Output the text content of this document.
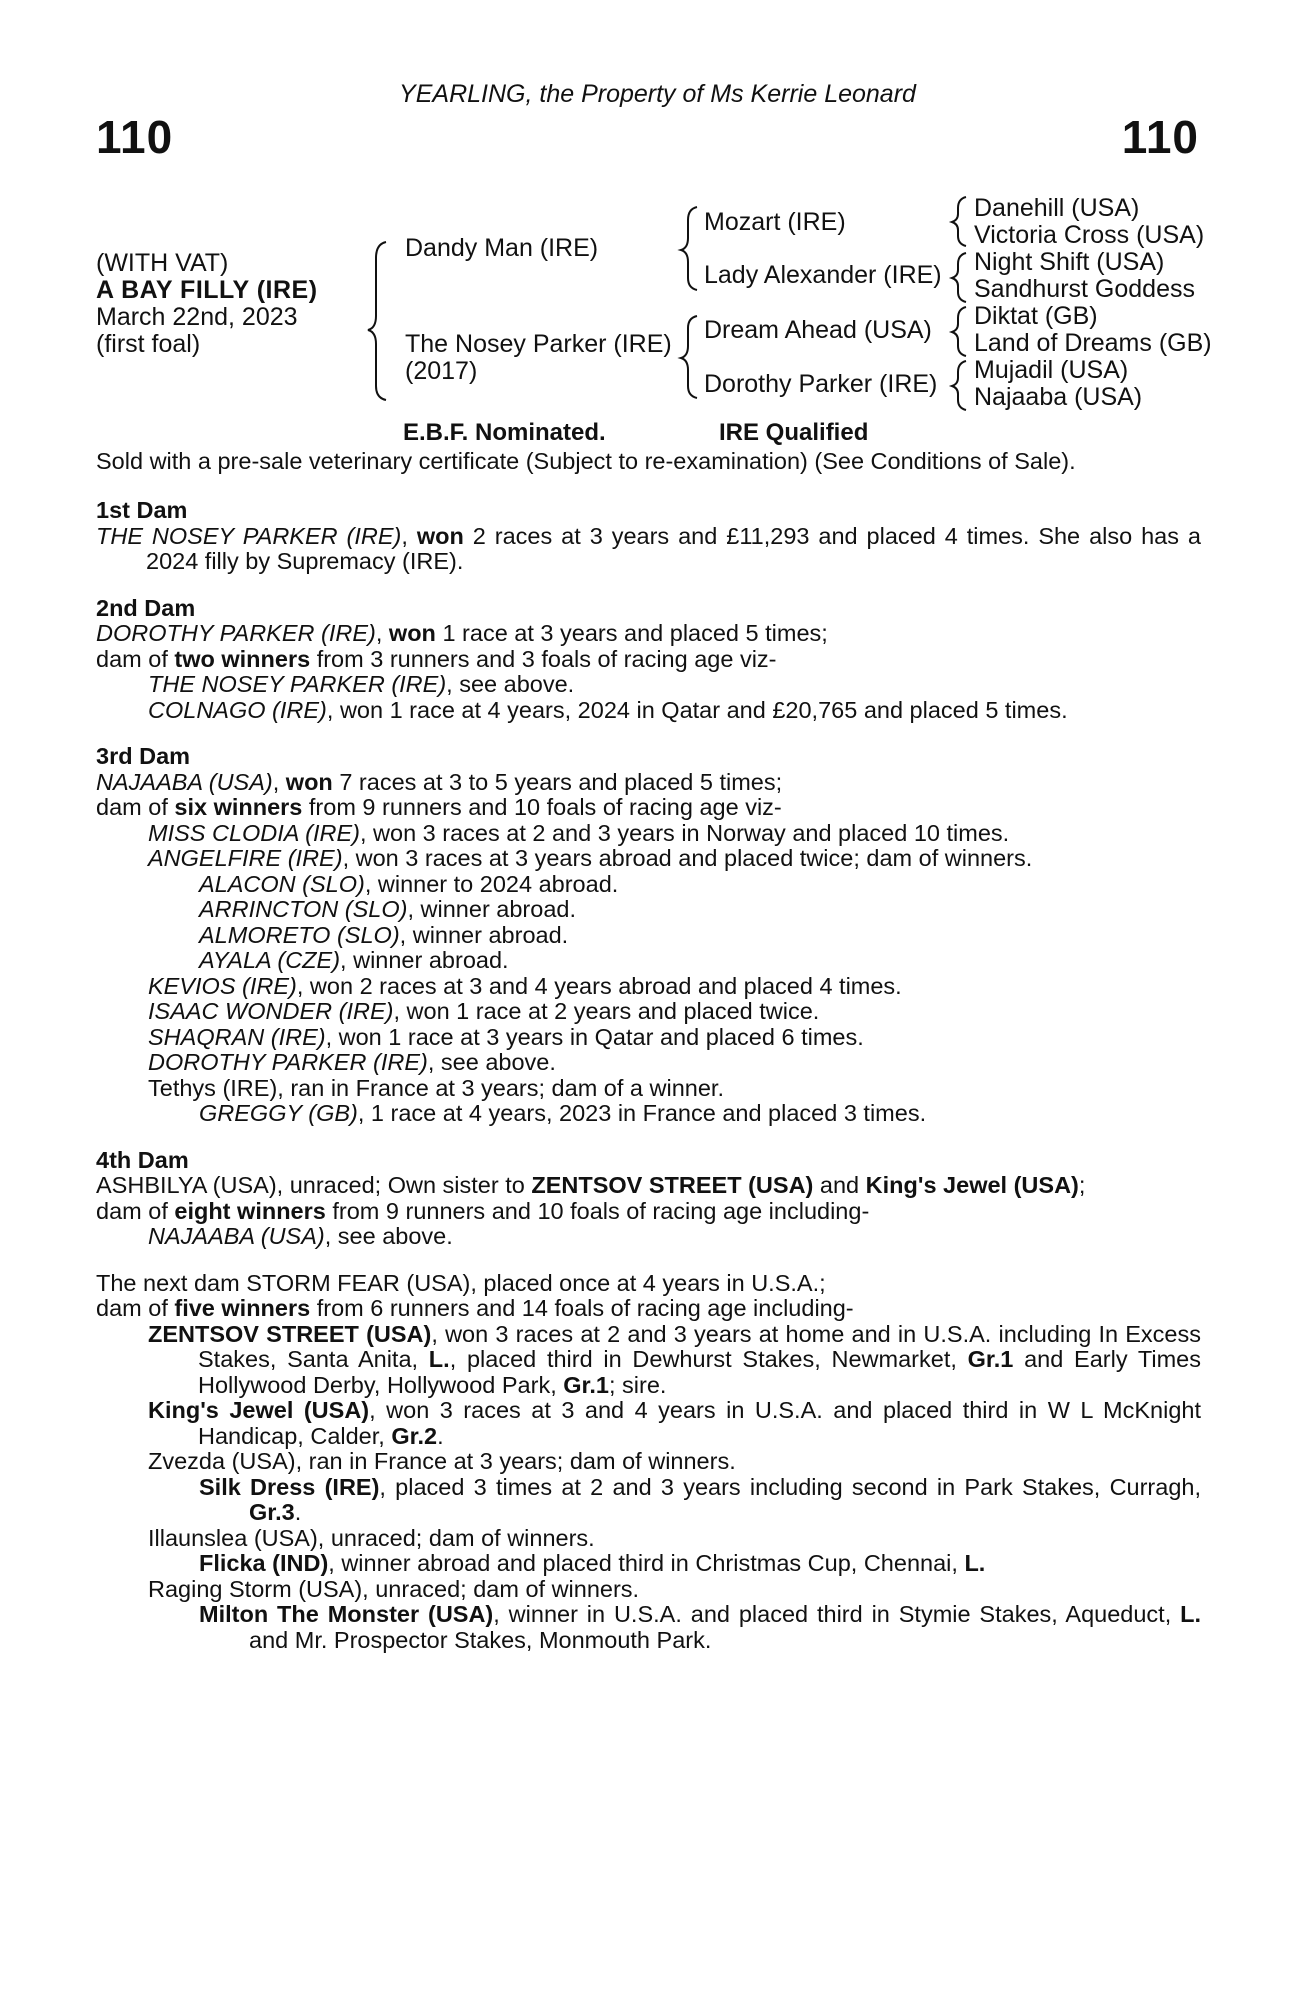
110
YEARLING, the Property of Ms Kerrie Leonard
110
(WITH VAT)
A BAY FILLY (IRE)
March 22nd, 2023
(first foal)
Dandy Man (IRE)
The Nosey Parker (IRE)
(2017)
Mozart (IRE)
Lady Alexander (IRE)
Dream Ahead (USA)
Dorothy Parker (IRE)
Danehill (USA)
Victoria Cross (USA)
Night Shift (USA)
Sandhurst Goddess
Diktat (GB)
Land of Dreams (GB)
Mujadil (USA)
Najaaba (USA)
E.B.F. Nominated.	IRE Qualified
Sold with a pre-sale veterinary certificate (Subject to re-examination) (See Conditions of Sale).
1st Dam
THE NOSEY PARKER (IRE), won 2 races at 3 years and £11,293 and placed 4 times. She also has a 2024 filly by Supremacy (IRE).
2nd Dam
DOROTHY PARKER (IRE), won 1 race at 3 years and placed 5 times;
dam of two winners from 3 runners and 3 foals of racing age viz-
THE NOSEY PARKER (IRE), see above.
COLNAGO (IRE), won 1 race at 4 years, 2024 in Qatar and £20,765 and placed 5 times.
3rd Dam
NAJAABA (USA), won 7 races at 3 to 5 years and placed 5 times;
dam of six winners from 9 runners and 10 foals of racing age viz-
MISS CLODIA (IRE), won 3 races at 2 and 3 years in Norway and placed 10 times.
ANGELFIRE (IRE), won 3 races at 3 years abroad and placed twice; dam of winners.
ALACON (SLO), winner to 2024 abroad.
ARRINCTON (SLO), winner abroad.
ALMORETO (SLO), winner abroad.
AYALA (CZE), winner abroad.
KEVIOS (IRE), won 2 races at 3 and 4 years abroad and placed 4 times.
ISAAC WONDER (IRE), won 1 race at 2 years and placed twice.
SHAQRAN (IRE), won 1 race at 3 years in Qatar and placed 6 times.
DOROTHY PARKER (IRE), see above.
Tethys (IRE), ran in France at 3 years; dam of a winner.
GREGGY (GB), 1 race at 4 years, 2023 in France and placed 3 times.
4th Dam
ASHBILYA (USA), unraced; Own sister to ZENTSOV STREET (USA) and King's Jewel (USA);
dam of eight winners from 9 runners and 10 foals of racing age including-
NAJAABA (USA), see above.
The next dam STORM FEAR (USA), placed once at 4 years in U.S.A.;
dam of five winners from 6 runners and 14 foals of racing age including-
ZENTSOV STREET (USA), won 3 races at 2 and 3 years at home and in U.S.A. including In Excess Stakes, Santa Anita, L., placed third in Dewhurst Stakes, Newmarket, Gr.1 and Early Times Hollywood Derby, Hollywood Park, Gr.1; sire.
King's Jewel (USA), won 3 races at 3 and 4 years in U.S.A. and placed third in W L McKnight Handicap, Calder, Gr.2.
Zvezda (USA), ran in France at 3 years; dam of winners.
Silk Dress (IRE), placed 3 times at 2 and 3 years including second in Park Stakes, Curragh, Gr.3.
Illaunslea (USA), unraced; dam of winners.
Flicka (IND), winner abroad and placed third in Christmas Cup, Chennai, L.
Raging Storm (USA), unraced; dam of winners.
Milton The Monster (USA), winner in U.S.A. and placed third in Stymie Stakes, Aqueduct, L. and Mr. Prospector Stakes, Monmouth Park.
